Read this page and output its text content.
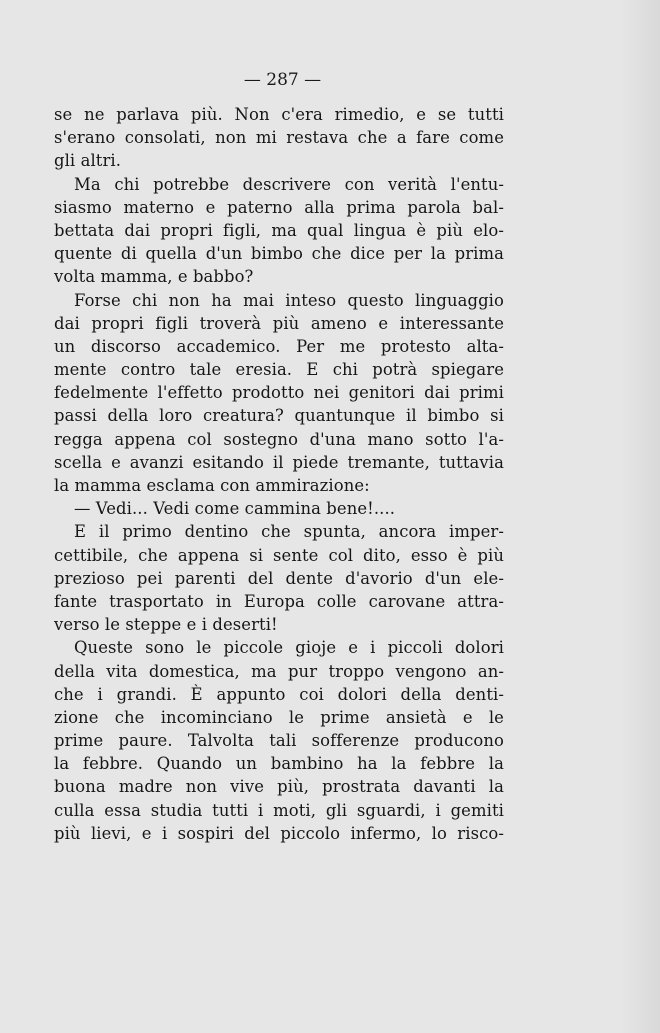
— 287 —
se ne parlava più. Non c'era rimedio, e se tutti
s'erano consolati, non mi restava che a fare come
gli altri.
Ma chi potrebbe descrivere con verità l'entu-
siasmo materno e paterno alla prima parola bal-
bettata dai propri figli, ma qual lingua è più elo-
quente di quella d'un bimbo che dice per la prima
volta mamma, e babbo?
Forse chi non ha mai inteso questo linguaggio
dai propri figli troverà più ameno e interessante
un discorso accademico. Per me protesto alta-
mente contro tale eresia. E chi potrà spiegare
fedelmente l'effetto prodotto nei genitori dai primi
passi della loro creatura? quantunque il bimbo si
regga appena col sostegno d'una mano sotto l'a-
scella e avanzi esitando il piede tremante, tuttavia
la mamma esclama con ammirazione:
— Vedi... Vedi come cammina bene!....
E il primo dentino che spunta, ancora imper-
cettibile, che appena si sente col dito, esso è più
prezioso pei parenti del dente d'avorio d'un ele-
fante trasportato in Europa colle carovane attra-
verso le steppe e i deserti!
Queste sono le piccole gioje e i piccoli dolori
della vita domestica, ma pur troppo vengono an-
che i grandi. È appunto coi dolori della denti-
zione che incominciano le prime ansietà e le
prime paure. Talvolta tali sofferenze producono
la febbre. Quando un bambino ha la febbre la
buona madre non vive più, prostrata davanti la
culla essa studia tutti i moti, gli sguardi, i gemiti
più lievi, e i sospiri del piccolo infermo, lo risco-
